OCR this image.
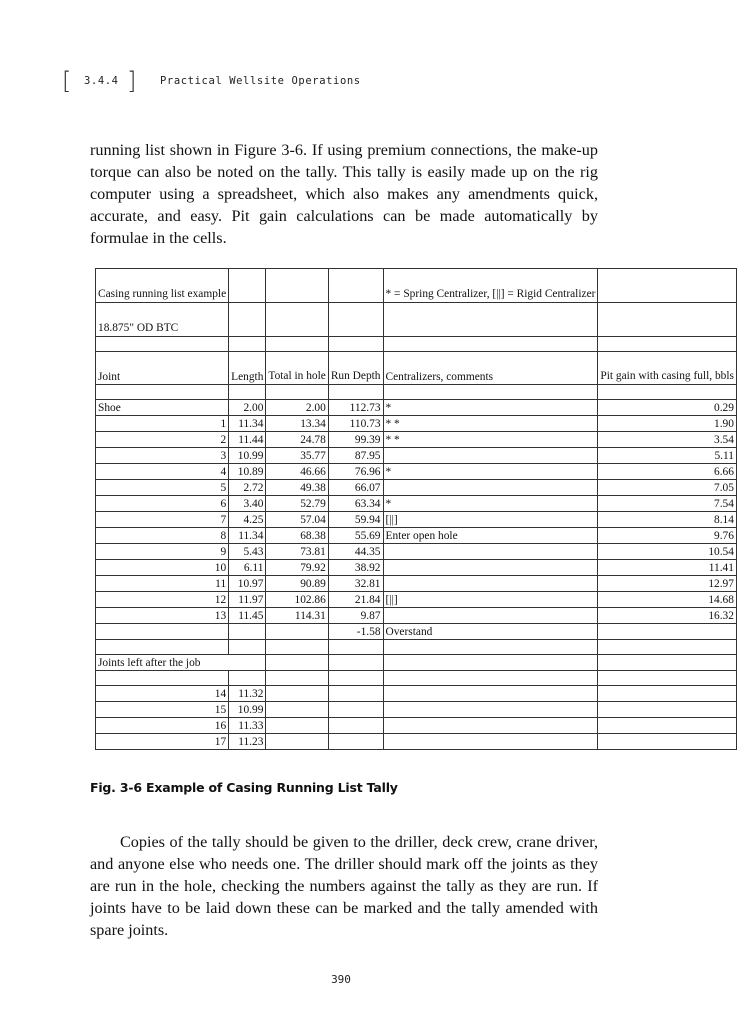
[ 3.4.4 ] Practical Wellsite Operations

running list shown in Figure 3-6. If using premium connections, the make-up torque can also be noted on the tally. This tally is easily made up on the rig computer using a spreadsheet, which also makes any amendments quick, accurate, and easy. Pit gain calculations can be made automatically by formulae in the cells.

Casing running list example				* = Spring Centralizer, [||] = Rigid Centralizer	
18.875" OD BTC					

Joint	Length	Total in hole	Run Depth	Centralizers, comments	Pit gain with casing full, bbls

Shoe	2.00	2.00	112.73	*	0.29
1	11.34	13.34	110.73	* *	1.90
2	11.44	24.78	99.39	* *	3.54
3	10.99	35.77	87.95		5.11
4	10.89	46.66	76.96	*	6.66
5	2.72	49.38	66.07		7.05
6	3.40	52.79	63.34	*	7.54
7	4.25	57.04	59.94	[||]	8.14
8	11.34	68.38	55.69	Enter open hole	9.76
9	5.43	73.81	44.35		10.54
10	6.11	79.92	38.92		11.41
11	10.97	90.89	32.81		12.97
12	11.97	102.86	21.84	[||]	14.68
13	11.45	114.31	9.87		16.32
			-1.58	Overstand	

Joints left after the job					

14	11.32				
15	10.99				
16	11.33				
17	11.23				
Fig. 3-6 Example of Casing Running List Tally

Copies of the tally should be given to the driller, deck crew, crane driver, and anyone else who needs one. The driller should mark off the joints as they are run in the hole, checking the numbers against the tally as they are run. If joints have to be laid down these can be marked and the tally amended with spare joints.

390
